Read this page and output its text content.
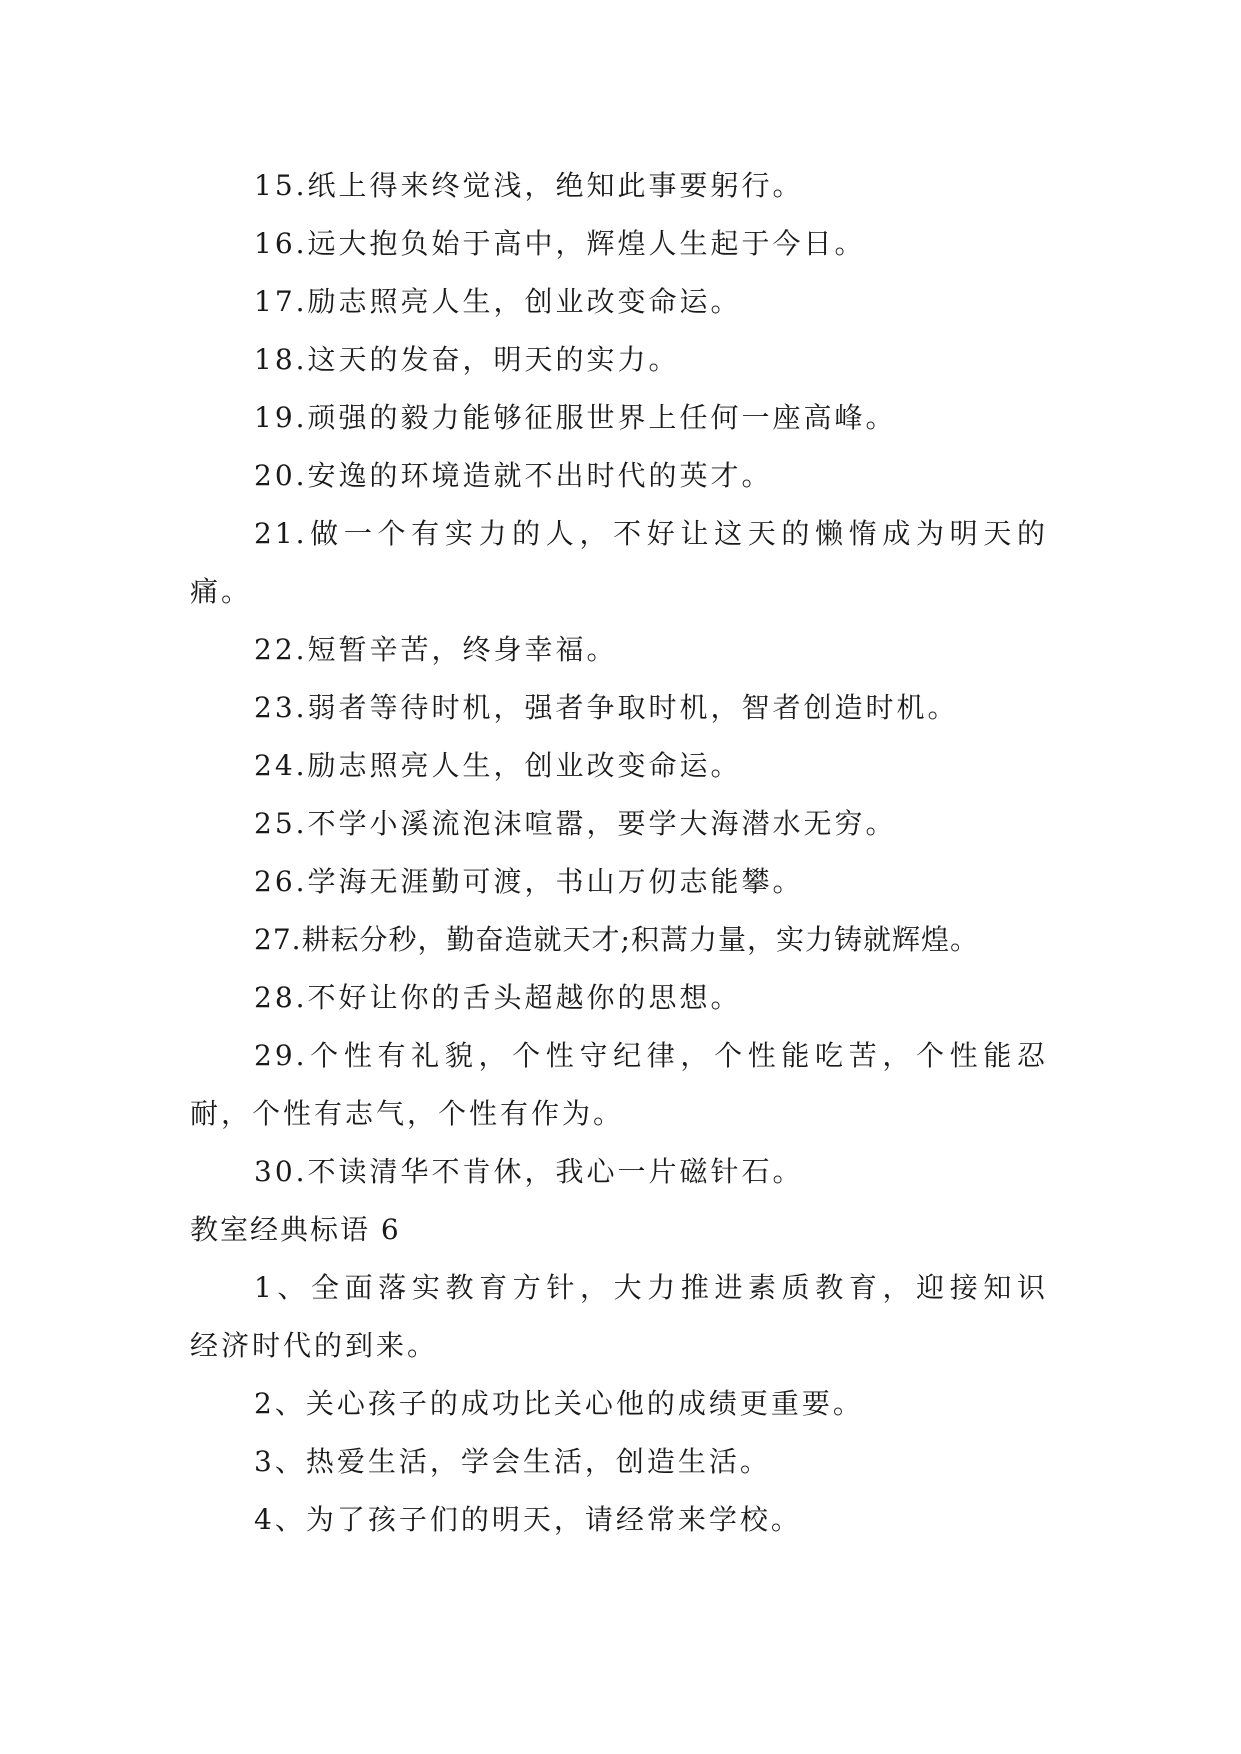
15.纸上得来终觉浅，绝知此事要躬行。
16.远大抱负始于高中，辉煌人生起于今日。
17.励志照亮人生，创业改变命运。
18.这天的发奋，明天的实力。
19.顽强的毅力能够征服世界上任何一座高峰。
20.安逸的环境造就不出时代的英才。
21.做一个有实力的人，不好让这天的懒惰成为明天的
痛。
22.短暂辛苦，终身幸福。
23.弱者等待时机，强者争取时机，智者创造时机。
24.励志照亮人生，创业改变命运。
25.不学小溪流泡沫喧嚣，要学大海潜水无穷。
26.学海无涯勤可渡，书山万仞志能攀。
27.耕耘分秒，勤奋造就天才;积蒿力量，实力铸就辉煌。
28.不好让你的舌头超越你的思想。
29.个性有礼貌，个性守纪律，个性能吃苦，个性能忍
耐，个性有志气，个性有作为。
30.不读清华不肯休，我心一片磁针石。
教室经典标语 6
1、全面落实教育方针，大力推进素质教育，迎接知识
经济时代的到来。
2、关心孩子的成功比关心他的成绩更重要。
3、热爱生活，学会生活，创造生活。
4、为了孩子们的明天，请经常来学校。
